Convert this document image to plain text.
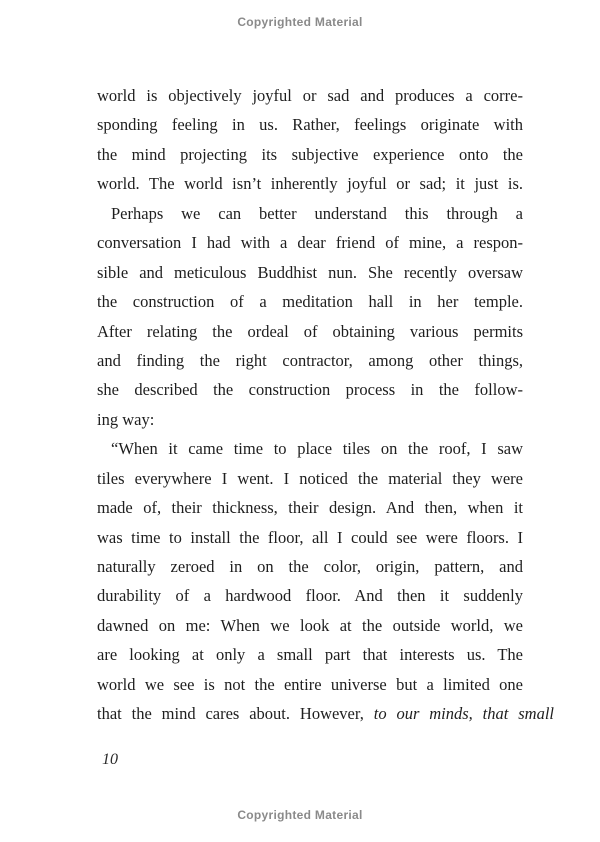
Copyrighted Material
world is objectively joyful or sad and produces a corre-
sponding feeling in us. Rather, feelings originate with
the mind projecting its subjective experience onto the
world. The world isn’t inherently joyful or sad; it just is.
Perhaps we can better understand this through a
conversation I had with a dear friend of mine, a respon-
sible and meticulous Buddhist nun. She recently oversaw
the construction of a meditation hall in her temple.
After relating the ordeal of obtaining various permits
and finding the right contractor, among other things,
she described the construction process in the follow-
ing way:
“When it came time to place tiles on the roof, I saw
tiles everywhere I went. I noticed the material they were
made of, their thickness, their design. And then, when it
was time to install the floor, all I could see were floors. I
naturally zeroed in on the color, origin, pattern, and
durability of a hardwood floor. And then it suddenly
dawned on me: When we look at the outside world, we
are looking at only a small part that interests us. The
world we see is not the entire universe but a limited one
that the mind cares about. However, to our minds, that small
10
Copyrighted Material
